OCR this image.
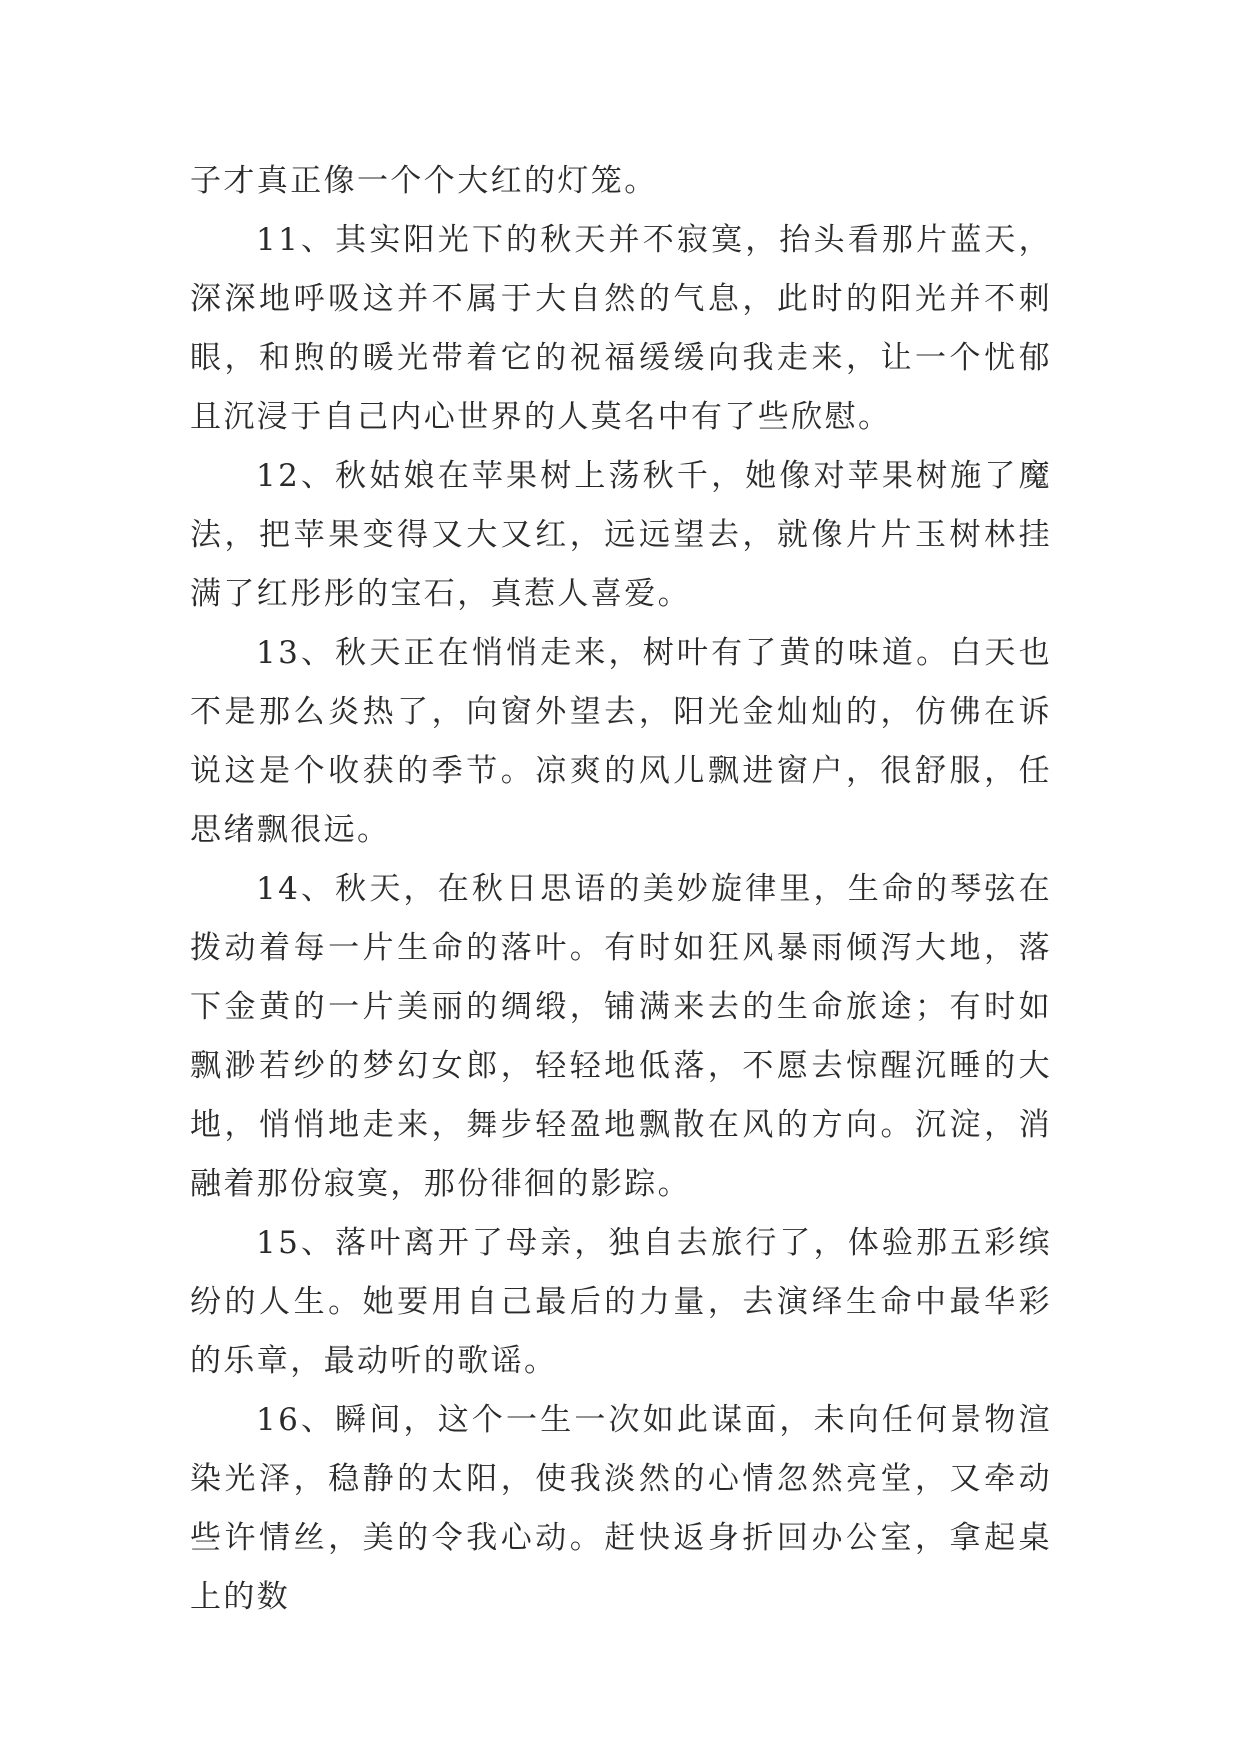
子才真正像一个个大红的灯笼。

11、其实阳光下的秋天并不寂寞，抬头看那片蓝天，深深地呼吸这并不属于大自然的气息，此时的阳光并不刺眼，和煦的暖光带着它的祝福缓缓向我走来，让一个忧郁且沉浸于自己内心世界的人莫名中有了些欣慰。

12、秋姑娘在苹果树上荡秋千，她像对苹果树施了魔法，把苹果变得又大又红，远远望去，就像片片玉树林挂满了红彤彤的宝石，真惹人喜爱。

13、秋天正在悄悄走来，树叶有了黄的味道。白天也不是那么炎热了，向窗外望去，阳光金灿灿的，仿佛在诉说这是个收获的季节。凉爽的风儿飘进窗户，很舒服，任思绪飘很远。

14、秋天，在秋日思语的美妙旋律里，生命的琴弦在拨动着每一片生命的落叶。有时如狂风暴雨倾泻大地，落下金黄的一片美丽的绸缎，铺满来去的生命旅途；有时如飘渺若纱的梦幻女郎，轻轻地低落，不愿去惊醒沉睡的大地，悄悄地走来，舞步轻盈地飘散在风的方向。沉淀，消融着那份寂寞，那份徘徊的影踪。

15、落叶离开了母亲，独自去旅行了，体验那五彩缤纷的人生。她要用自己最后的力量，去演绎生命中最华彩的乐章，最动听的歌谣。

16、瞬间，这个一生一次如此谋面，未向任何景物渲染光泽，稳静的太阳，使我淡然的心情忽然亮堂，又牵动些许情丝，美的令我心动。赶快返身折回办公室，拿起桌上的数
